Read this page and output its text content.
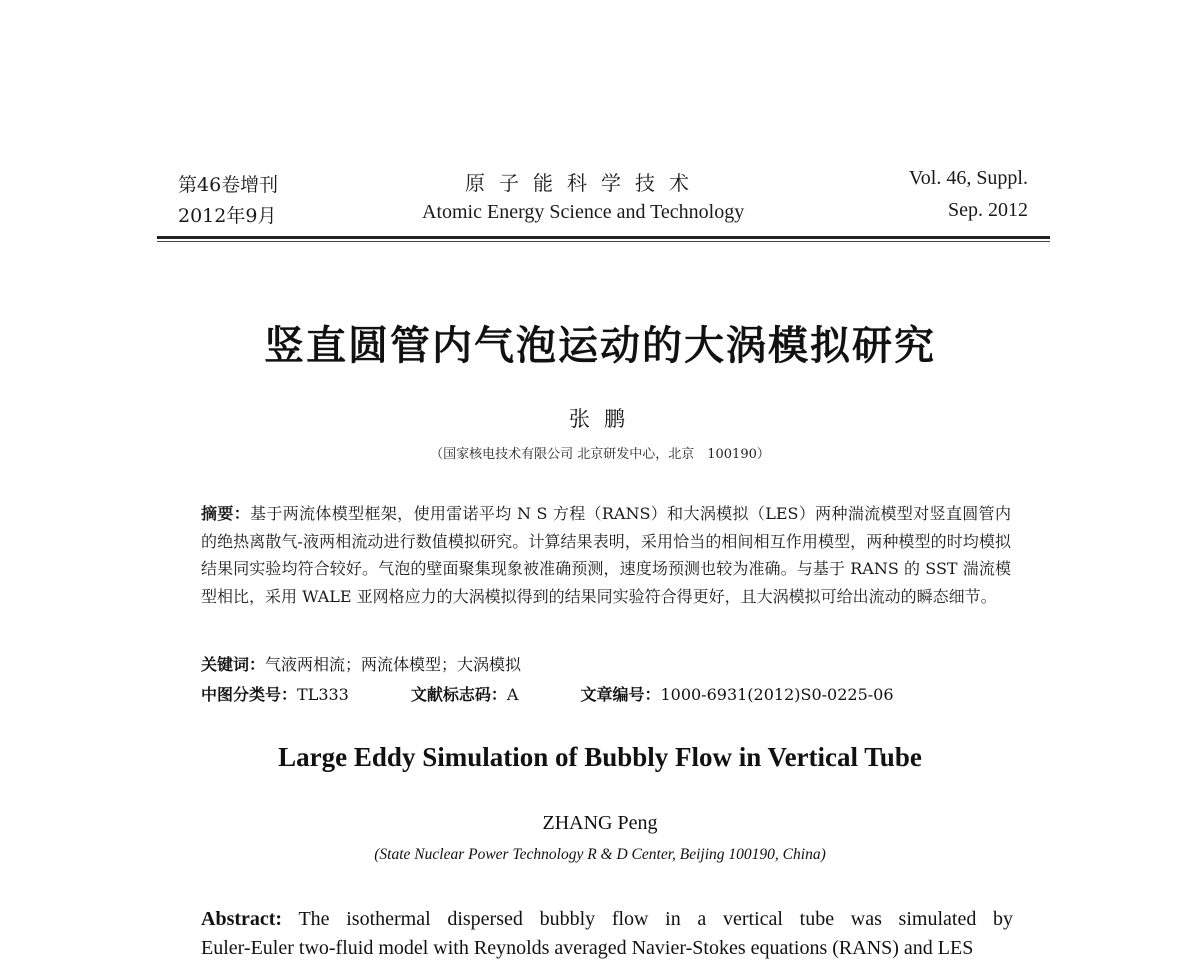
第46卷增刊
2012年9月
原子能科学技术
Atomic Energy Science and Technology
Vol. 46, Suppl.
Sep. 2012
竖直圆管内气泡运动的大涡模拟研究
张鹏
（国家核电技术有限公司 北京研发中心，北京　100190）
摘要：基于两流体模型框架，使用雷诺平均 N S 方程（RANS）和大涡模拟（LES）两种湍流模型对竖直圆管内的绝热离散气-液两相流动进行数值模拟研究。计算结果表明，采用恰当的相间相互作用模型，两种模型的时均模拟结果同实验均符合较好。气泡的壁面聚集现象被准确预测，速度场预测也较为准确。与基于 RANS 的 SST 湍流模型相比，采用 WALE 亚网格应力的大涡模拟得到的结果同实验符合得更好，且大涡模拟可给出流动的瞬态细节。
关键词：气液两相流；两流体模型；大涡模拟
中图分类号：TL333	文献标志码：A	文章编号：1000-6931(2012)S0-0225-06
Large Eddy Simulation of Bubbly Flow in Vertical Tube
ZHANG Peng
(State Nuclear Power Technology R & D Center, Beijing 100190, China)
Abstract: The isothermal dispersed bubbly flow in a vertical tube was simulated by
Euler-Euler two-fluid model with Reynolds averaged Navier-Stokes equations (RANS) and LES
